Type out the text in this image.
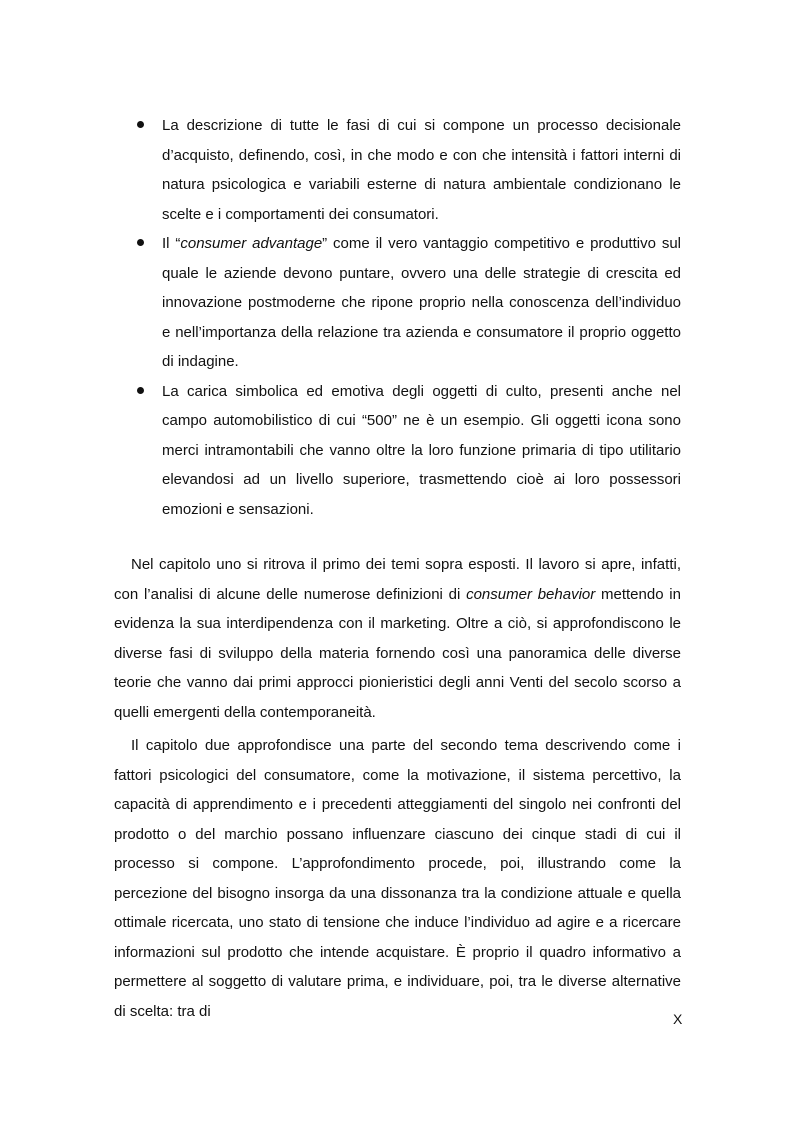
La descrizione di tutte le fasi di cui si compone un processo decisionale d’acquisto, definendo, così, in che modo e con che intensità i fattori interni di natura psicologica e variabili esterne di natura ambientale condizionano le scelte e i comportamenti dei consumatori.
Il “consumer advantage” come il vero vantaggio competitivo e produttivo sul quale le aziende devono puntare, ovvero una delle strategie di crescita ed innovazione postmoderne che ripone proprio nella conoscenza dell’individuo e nell’importanza della relazione tra azienda e consumatore il proprio oggetto di indagine.
La carica simbolica ed emotiva degli oggetti di culto, presenti anche nel campo automobilistico di cui “500” ne è un esempio. Gli oggetti icona sono merci intramontabili che vanno oltre la loro funzione primaria di tipo utilitario elevandosi ad un livello superiore, trasmettendo cioè ai loro possessori emozioni e sensazioni.

Nel capitolo uno si ritrova il primo dei temi sopra esposti. Il lavoro si apre, infatti, con l’analisi di alcune delle numerose definizioni di consumer behavior mettendo in evidenza la sua interdipendenza con il marketing. Oltre a ciò, si approfondiscono le diverse fasi di sviluppo della materia fornendo così una panoramica delle diverse teorie che vanno dai primi approcci pionieristici degli anni Venti del secolo scorso a quelli emergenti della contemporaneità.

Il capitolo due approfondisce una parte del secondo tema descrivendo come i fattori psicologici del consumatore, come la motivazione, il sistema percettivo, la capacità di apprendimento e i precedenti atteggiamenti del singolo nei confronti del prodotto o del marchio possano influenzare ciascuno dei cinque stadi di cui il processo si compone. L’approfondimento procede, poi, illustrando come la percezione del bisogno insorga da una dissonanza tra la condizione attuale e quella ottimale ricercata, uno stato di tensione che induce l’individuo ad agire e a ricercare informazioni sul prodotto che intende acquistare. È proprio il quadro informativo a permettere al soggetto di valutare prima, e individuare, poi, tra le diverse alternative di scelta: tra di	X
